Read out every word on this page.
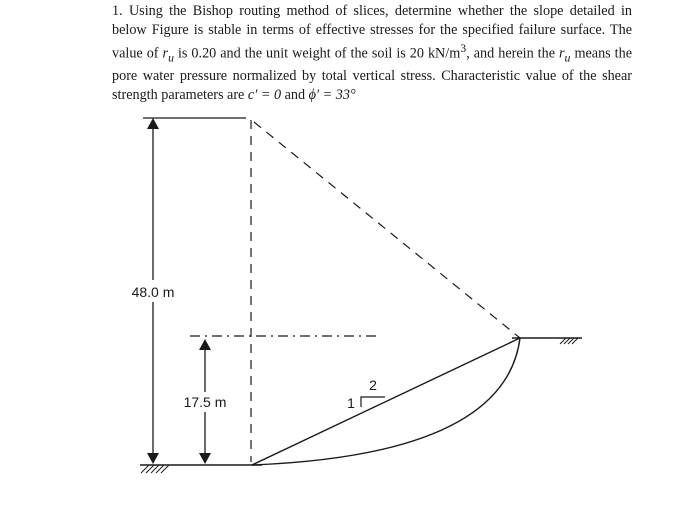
1. Using the Bishop routing method of slices, determine whether the slope detailed in below Figure is stable in terms of effective stresses for the specified failure surface. The value of $r_u$ is 0.20 and the unit weight of the soil is 20 $kN/m^3$, and herein the $r_u$ means the pore water pressure normalized by total vertical stress. Characteristic value of the shear strength parameters are c′ = 0 and ϕ′ = 33°
48.0 m
17.5 m
2
1
